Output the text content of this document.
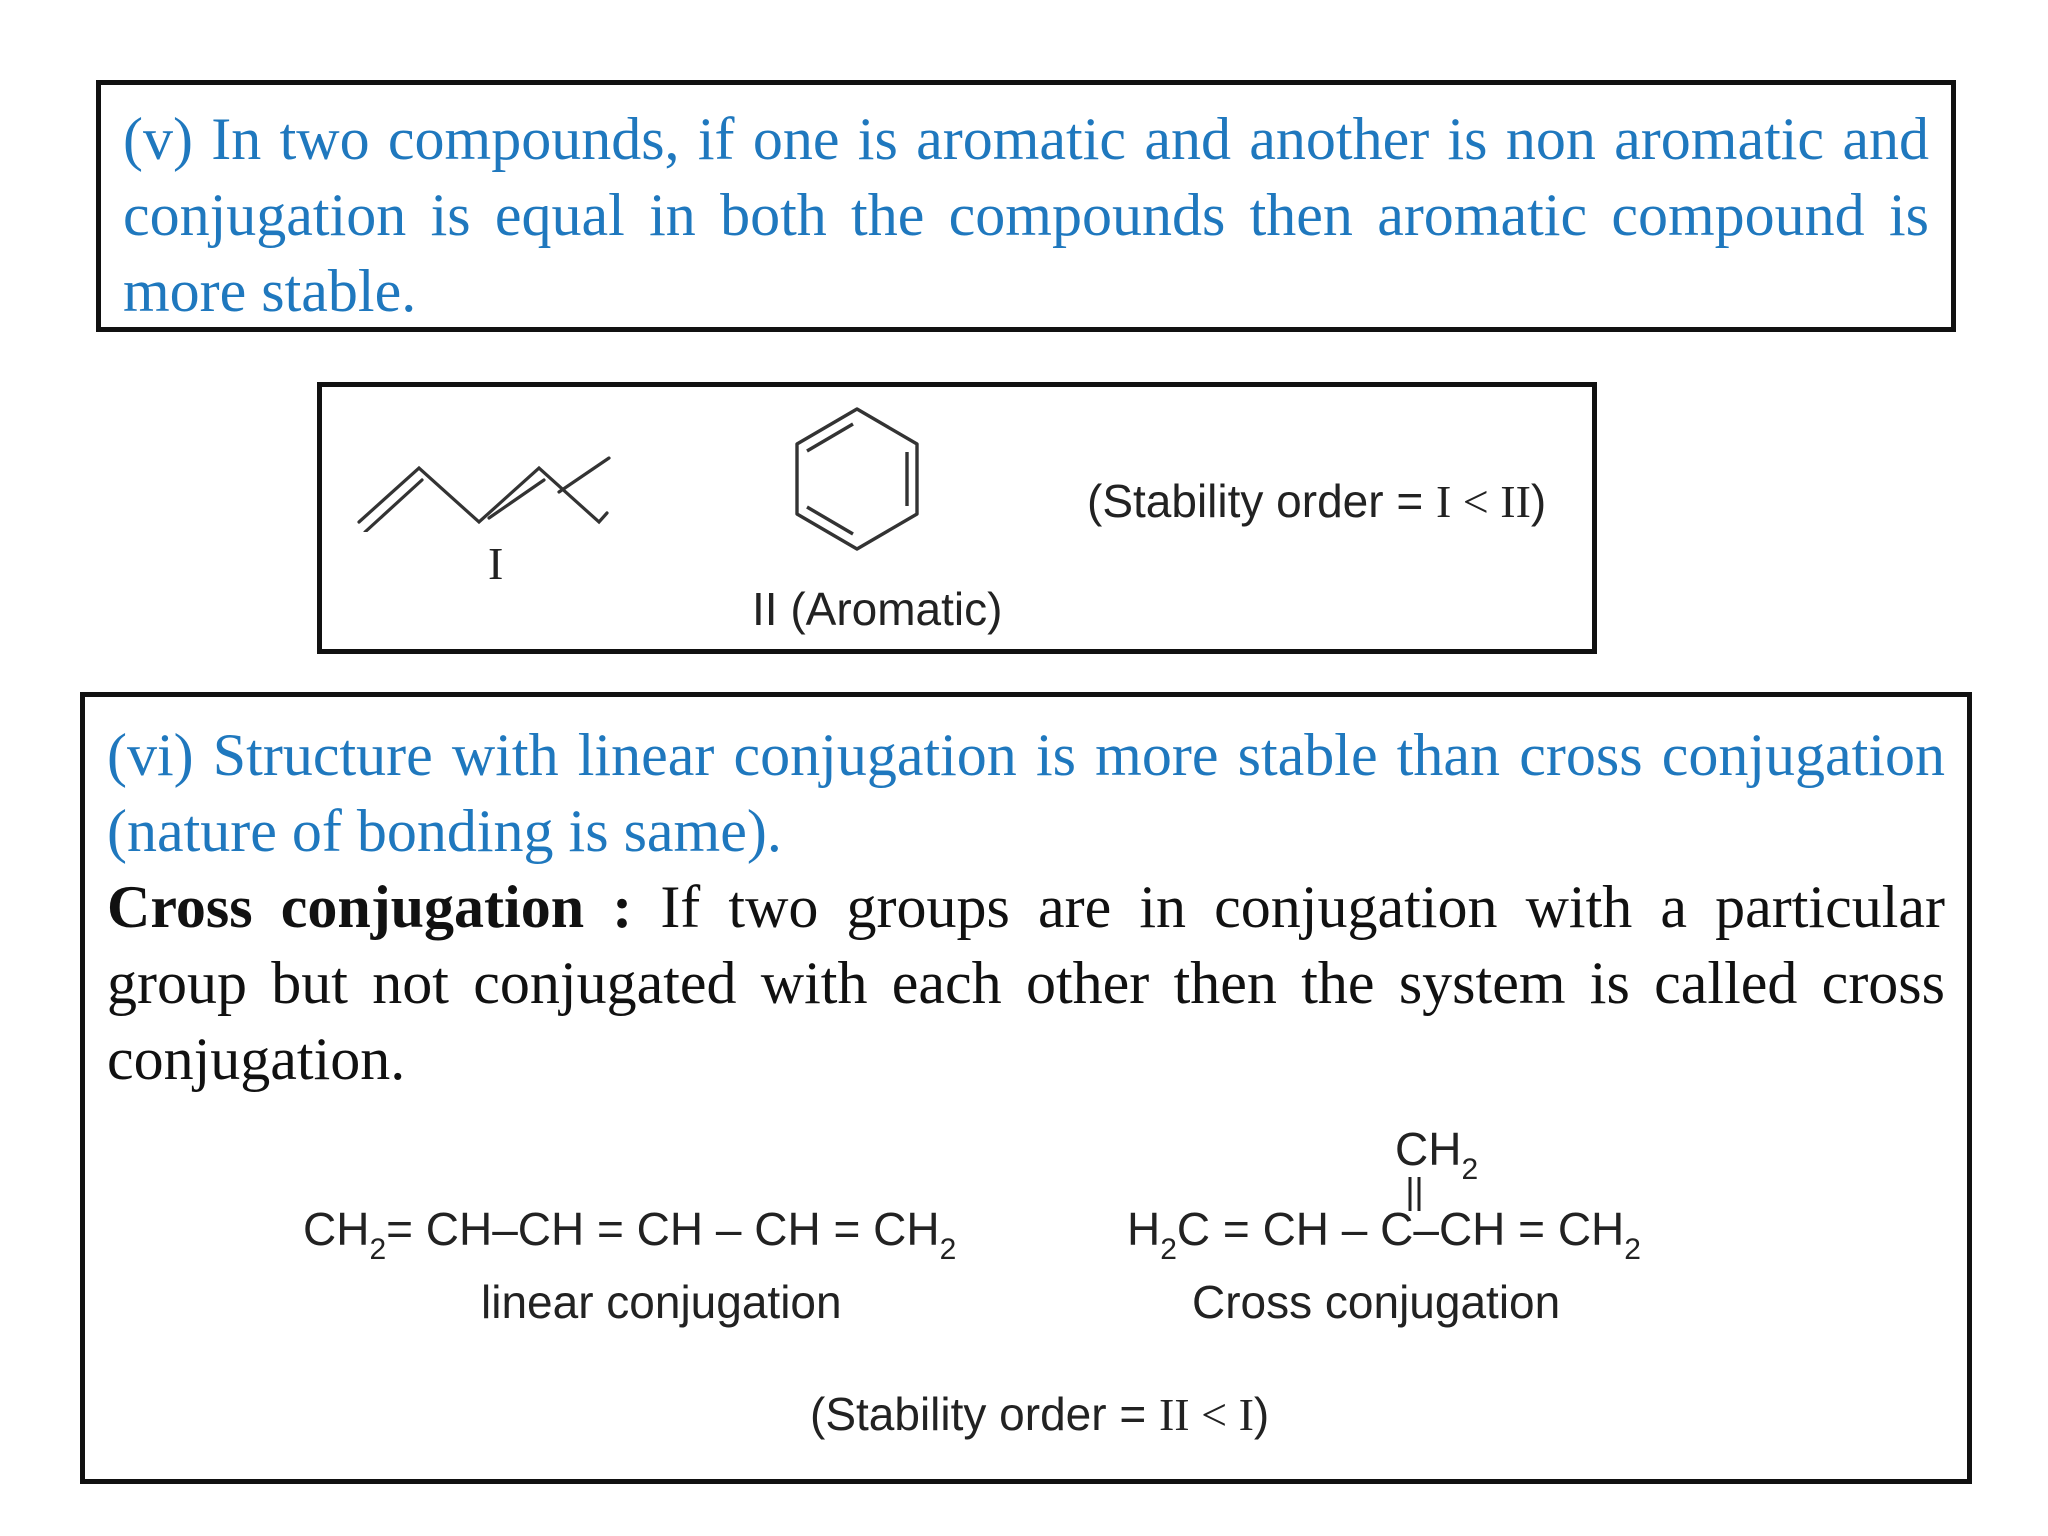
(v) In two compounds, if one is aromatic and another is non aromatic and conjugation is equal in both the compounds then aromatic compound is more stable.

I
II (Aromatic)
(Stability order = I < II)

(vi) Structure with linear conjugation is more stable than cross conjugation (nature of bonding is same).

Cross conjugation : If two groups are in conjugation with a particular group but not conjugated with each other then the system is called cross conjugation.

$CH_2= CH-CH$ = CH – CH = $CH_2$
linear conjugation
$CH_2$
$H_2C$ = CH – $C-CH = CH_2$
Cross conjugation
(Stability order = II < I)
